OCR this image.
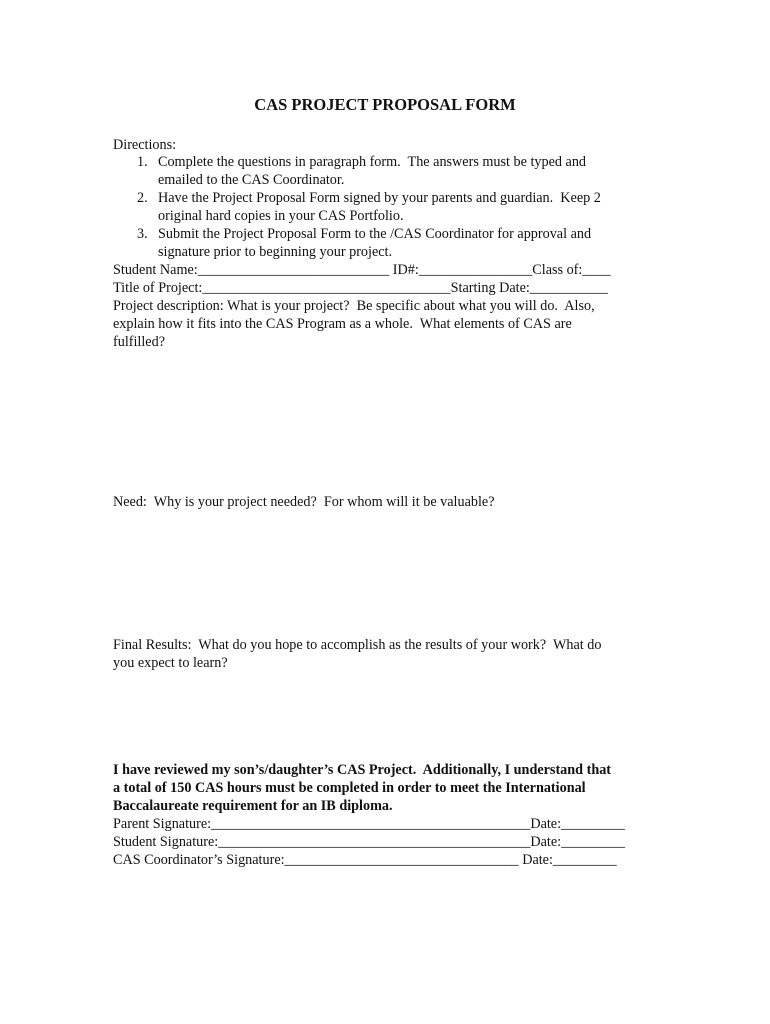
CAS PROJECT PROPOSAL FORM
Directions:
1. Complete the questions in paragraph form.  The answers must be typed and
emailed to the CAS Coordinator.
2. Have the Project Proposal Form signed by your parents and guardian.  Keep 2
original hard copies in your CAS Portfolio.
3. Submit the Project Proposal Form to the /CAS Coordinator for approval and
signature prior to beginning your project.
Student Name:___________________________ ID#:________________Class of:____
Title of Project:___________________________________Starting Date:___________
Project description: What is your project?  Be specific about what you will do.  Also,
explain how it fits into the CAS Program as a whole.  What elements of CAS are
fulfilled?
Need:  Why is your project needed?  For whom will it be valuable?
Final Results:  What do you hope to accomplish as the results of your work?  What do
you expect to learn?
I have reviewed my son’s/daughter’s CAS Project.  Additionally, I understand that
a total of 150 CAS hours must be completed in order to meet the International
Baccalaureate requirement for an IB diploma.
Parent Signature:_____________________________________________Date:_________
Student Signature:____________________________________________Date:_________
CAS Coordinator’s Signature:_________________________________ Date:_________
